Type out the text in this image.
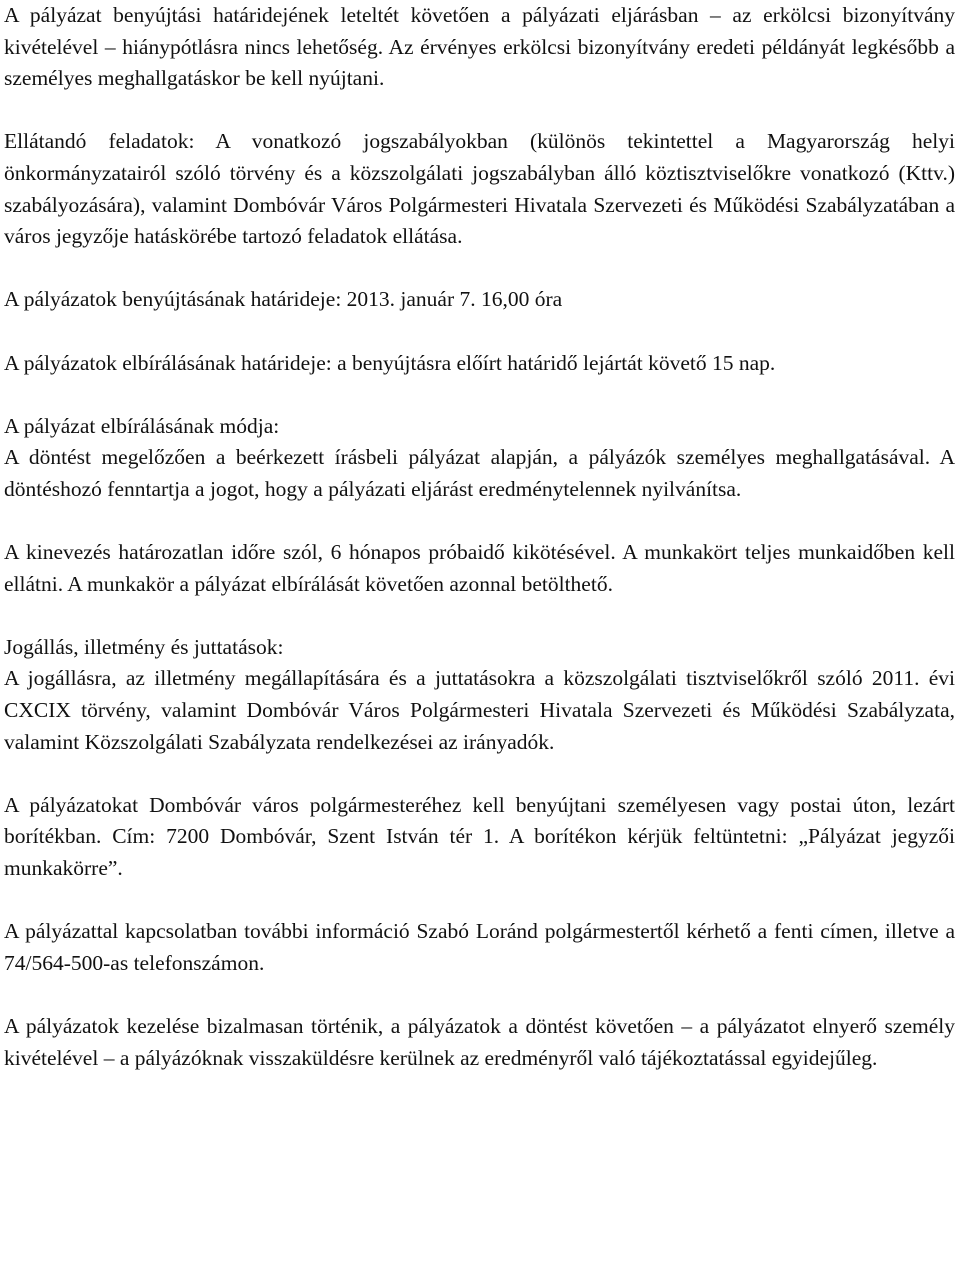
A pályázat benyújtási határidejének leteltét követően a pályázati eljárásban – az erkölcsi bizonyítvány kivételével – hiánypótlásra nincs lehetőség. Az érvényes erkölcsi bizonyítvány eredeti példányát legkésőbb a személyes meghallgatáskor be kell nyújtani.

Ellátandó feladatok: A vonatkozó jogszabályokban (különös tekintettel a Magyarország helyi önkormányzatairól szóló törvény és a közszolgálati jogszabályban álló köztisztviselőkre vonatkozó (Kttv.) szabályozására), valamint Dombóvár Város Polgármesteri Hivatala Szervezeti és Működési Szabályzatában a város jegyzője hatáskörébe tartozó feladatok ellátása.

A pályázatok benyújtásának határideje: 2013. január 7. 16,00 óra

A pályázatok elbírálásának határideje: a benyújtásra előírt határidő lejártát követő 15 nap.

A pályázat elbírálásának módja:

A döntést megelőzően a beérkezett írásbeli pályázat alapján, a pályázók személyes meghallgatásával. A döntéshozó fenntartja a jogot, hogy a pályázati eljárást eredménytelennek nyilvánítsa.

A kinevezés határozatlan időre szól, 6 hónapos próbaidő kikötésével. A munkakört teljes munkaidőben kell ellátni. A munkakör a pályázat elbírálását követően azonnal betölthető.

Jogállás, illetmény és juttatások:

A jogállásra, az illetmény megállapítására és a juttatásokra a közszolgálati tisztviselőkről szóló 2011. évi CXCIX törvény, valamint Dombóvár Város Polgármesteri Hivatala Szervezeti és Működési Szabályzata, valamint Közszolgálati Szabályzata rendelkezései az irányadók.

A pályázatokat Dombóvár város polgármesteréhez kell benyújtani személyesen vagy postai úton, lezárt borítékban. Cím: 7200 Dombóvár, Szent István tér 1. A borítékon kérjük feltüntetni: „Pályázat jegyzői munkakörre”.

A pályázattal kapcsolatban további információ Szabó Loránd polgármestertől kérhető a fenti címen, illetve a 74/564-500-as telefonszámon.

A pályázatok kezelése bizalmasan történik, a pályázatok a döntést követően – a pályázatot elnyerő személy kivételével – a pályázóknak visszaküldésre kerülnek az eredményről való tájékoztatással egyidejűleg.
